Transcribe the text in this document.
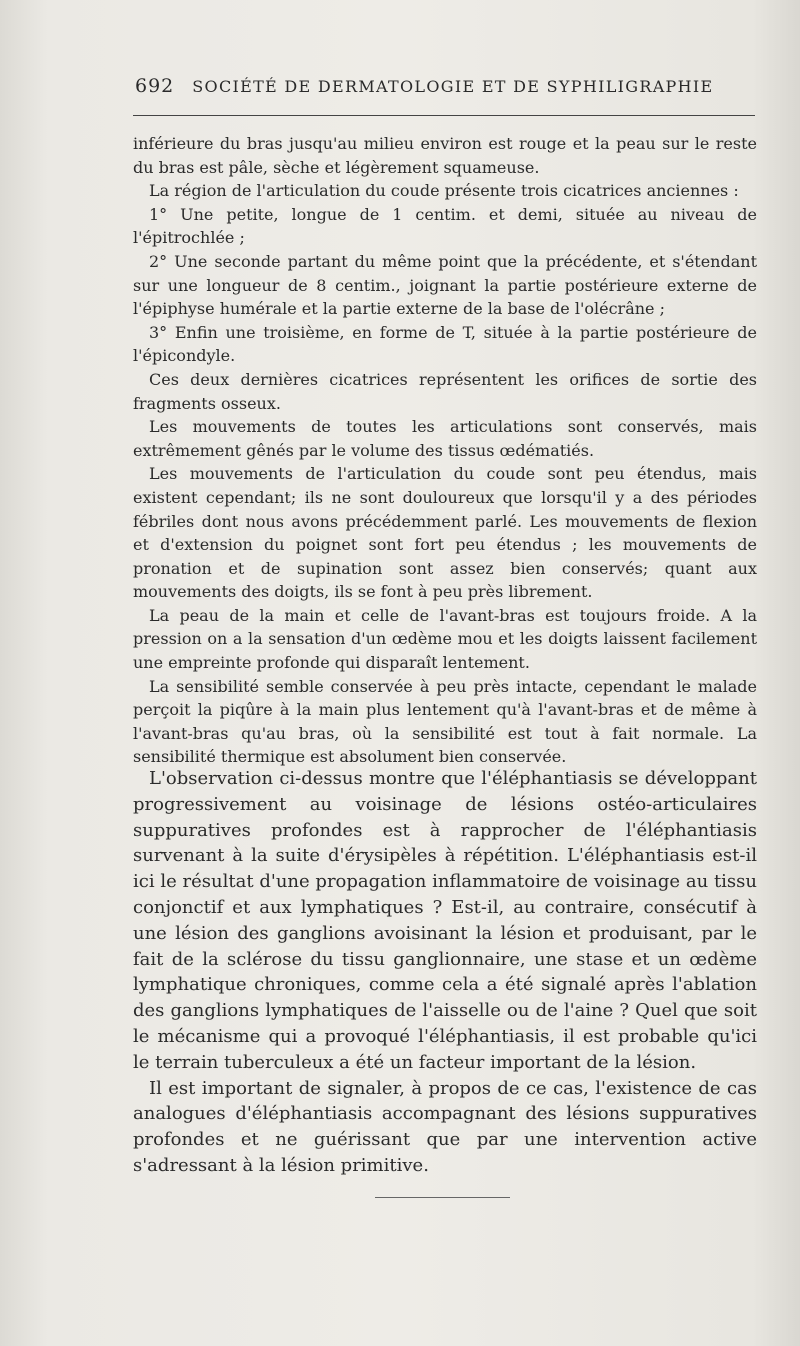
692 SOCIÉTÉ DE DERMATOLOGIE ET DE SYPHILIGRAPHIE

inférieure du bras jusqu'au milieu environ est rouge et la peau sur le reste du bras est pâle, sèche et légèrement squameuse.

La région de l'articulation du coude présente trois cicatrices anciennes :

1° Une petite, longue de 1 centim. et demi, située au niveau de l'épitrochlée ;

2° Une seconde partant du même point que la précédente, et s'étendant sur une longueur de 8 centim., joignant la partie postérieure externe de l'épiphyse humérale et la partie externe de la base de l'olécrâne ;

3° Enfin une troisième, en forme de T, située à la partie postérieure de l'épicondyle.

Ces deux dernières cicatrices représentent les orifices de sortie des fragments osseux.

Les mouvements de toutes les articulations sont conservés, mais extrêmement gênés par le volume des tissus œdématiés.

Les mouvements de l'articulation du coude sont peu étendus, mais existent cependant; ils ne sont douloureux que lorsqu'il y a des périodes fébriles dont nous avons précédemment parlé. Les mouvements de flexion et d'extension du poignet sont fort peu étendus ; les mouvements de pronation et de supination sont assez bien conservés; quant aux mouvements des doigts, ils se font à peu près librement.

La peau de la main et celle de l'avant-bras est toujours froide. A la pression on a la sensation d'un œdème mou et les doigts laissent facilement une empreinte profonde qui disparaît lentement.

La sensibilité semble conservée à peu près intacte, cependant le malade perçoit la piqûre à la main plus lentement qu'à l'avant-bras et de même à l'avant-bras qu'au bras, où la sensibilité est tout à fait normale. La sensibilité thermique est absolument bien conservée.

L'observation ci-dessus montre que l'éléphantiasis se développant progressivement au voisinage de lésions ostéo-articulaires suppuratives profondes est à rapprocher de l'éléphantiasis survenant à la suite d'érysipèles à répétition. L'éléphantiasis est-il ici le résultat d'une propagation inflammatoire de voisinage au tissu conjonctif et aux lymphatiques ? Est-il, au contraire, consécutif à une lésion des ganglions avoisinant la lésion et produisant, par le fait de la sclérose du tissu ganglionnaire, une stase et un œdème lymphatique chroniques, comme cela a été signalé après l'ablation des ganglions lymphatiques de l'aisselle ou de l'aine ? Quel que soit le mécanisme qui a provoqué l'éléphantiasis, il est probable qu'ici le terrain tuberculeux a été un facteur important de la lésion.

Il est important de signaler, à propos de ce cas, l'existence de cas analogues d'éléphantiasis accompagnant des lésions suppuratives profondes et ne guérissant que par une intervention active s'adressant à la lésion primitive.
